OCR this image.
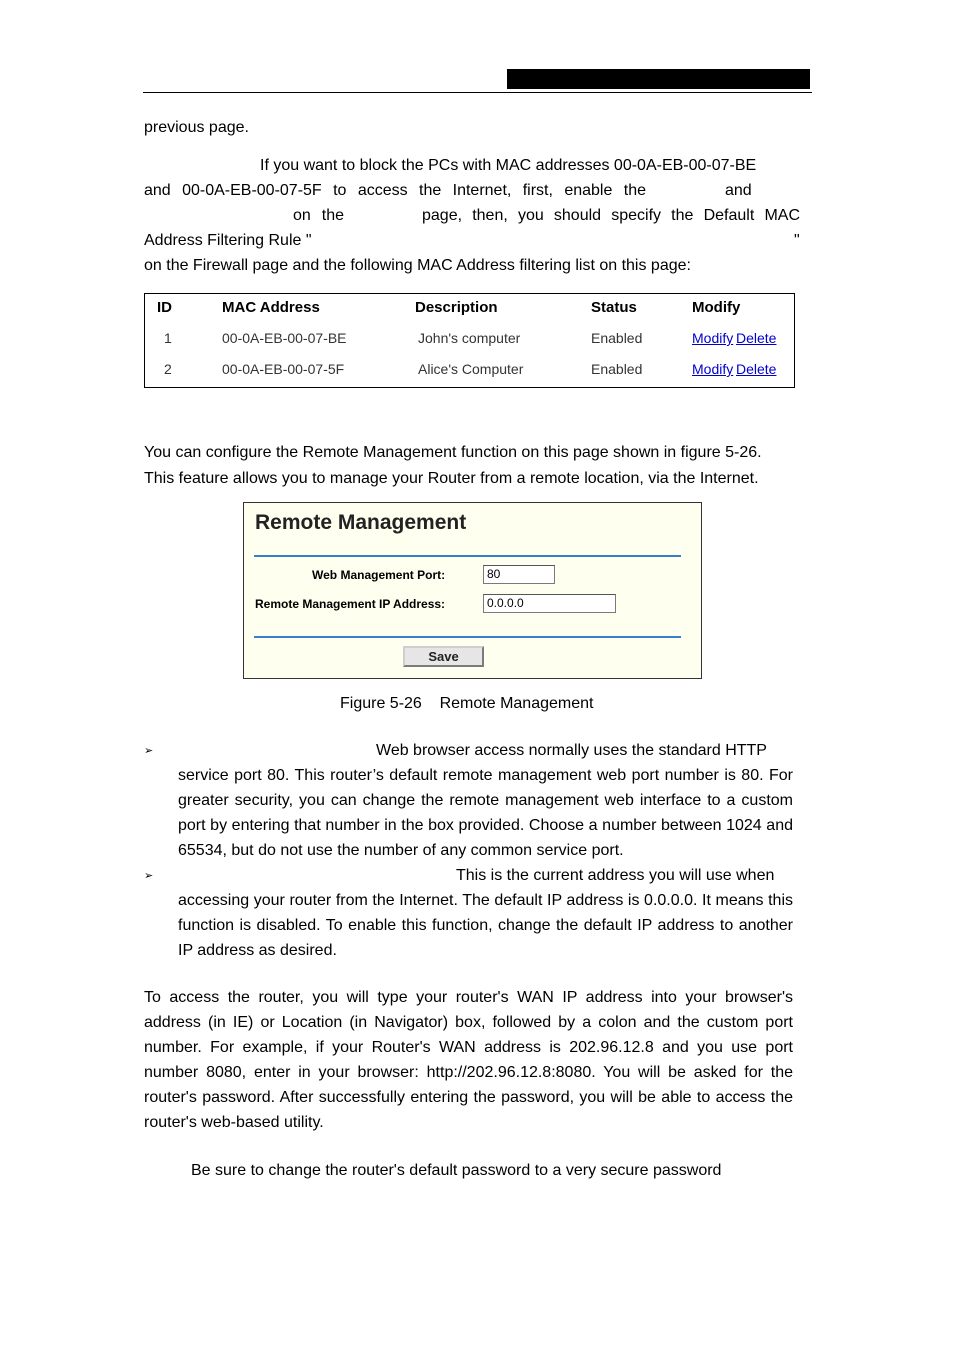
previous page.
If you want to block the PCs with MAC addresses 00-0A-EB-00-07-BE
and 00-0A-EB-00-07-5F to access the Internet, first, enable the	and
on the	page, then, you should specify the Default MAC
Address Filtering Rule "	"
on the Firewall page and the following MAC Address filtering list on this page:
ID	MAC Address	Description	Status	Modify
1	00-0A-EB-00-07-BE	John's computer	Enabled	Modify Delete
2	00-0A-EB-00-07-5F	Alice's Computer	Enabled	Modify Delete
You can configure the Remote Management function on this page shown in figure 5-26.
This feature allows you to manage your Router from a remote location, via the Internet.
Remote Management
Web Management Port:	80
Remote Management IP Address:	0.0.0.0
Save
Figure 5-26    Remote Management
➢	Web browser access normally uses the standard HTTP
service port 80. This router’s default remote management web port number is 80. For greater security, you can change the remote management web interface to a custom port by entering that number in the box provided. Choose a number between 1024 and 65534, but do not use the number of any common service port.
➢	This is the current address you will use when
accessing your router from the Internet. The default IP address is 0.0.0.0. It means this function is disabled. To enable this function, change the default IP address to another IP address as desired.
To access the router, you will type your router's WAN IP address into your browser's address (in IE) or Location (in Navigator) box, followed by a colon and the custom port number. For example, if your Router's WAN address is 202.96.12.8 and you use port number 8080, enter in your browser: http://202.96.12.8:8080. You will be asked for the router's password. After successfully entering the password, you will be able to access the router's web-based utility.
Be sure to change the router's default password to a very secure password
